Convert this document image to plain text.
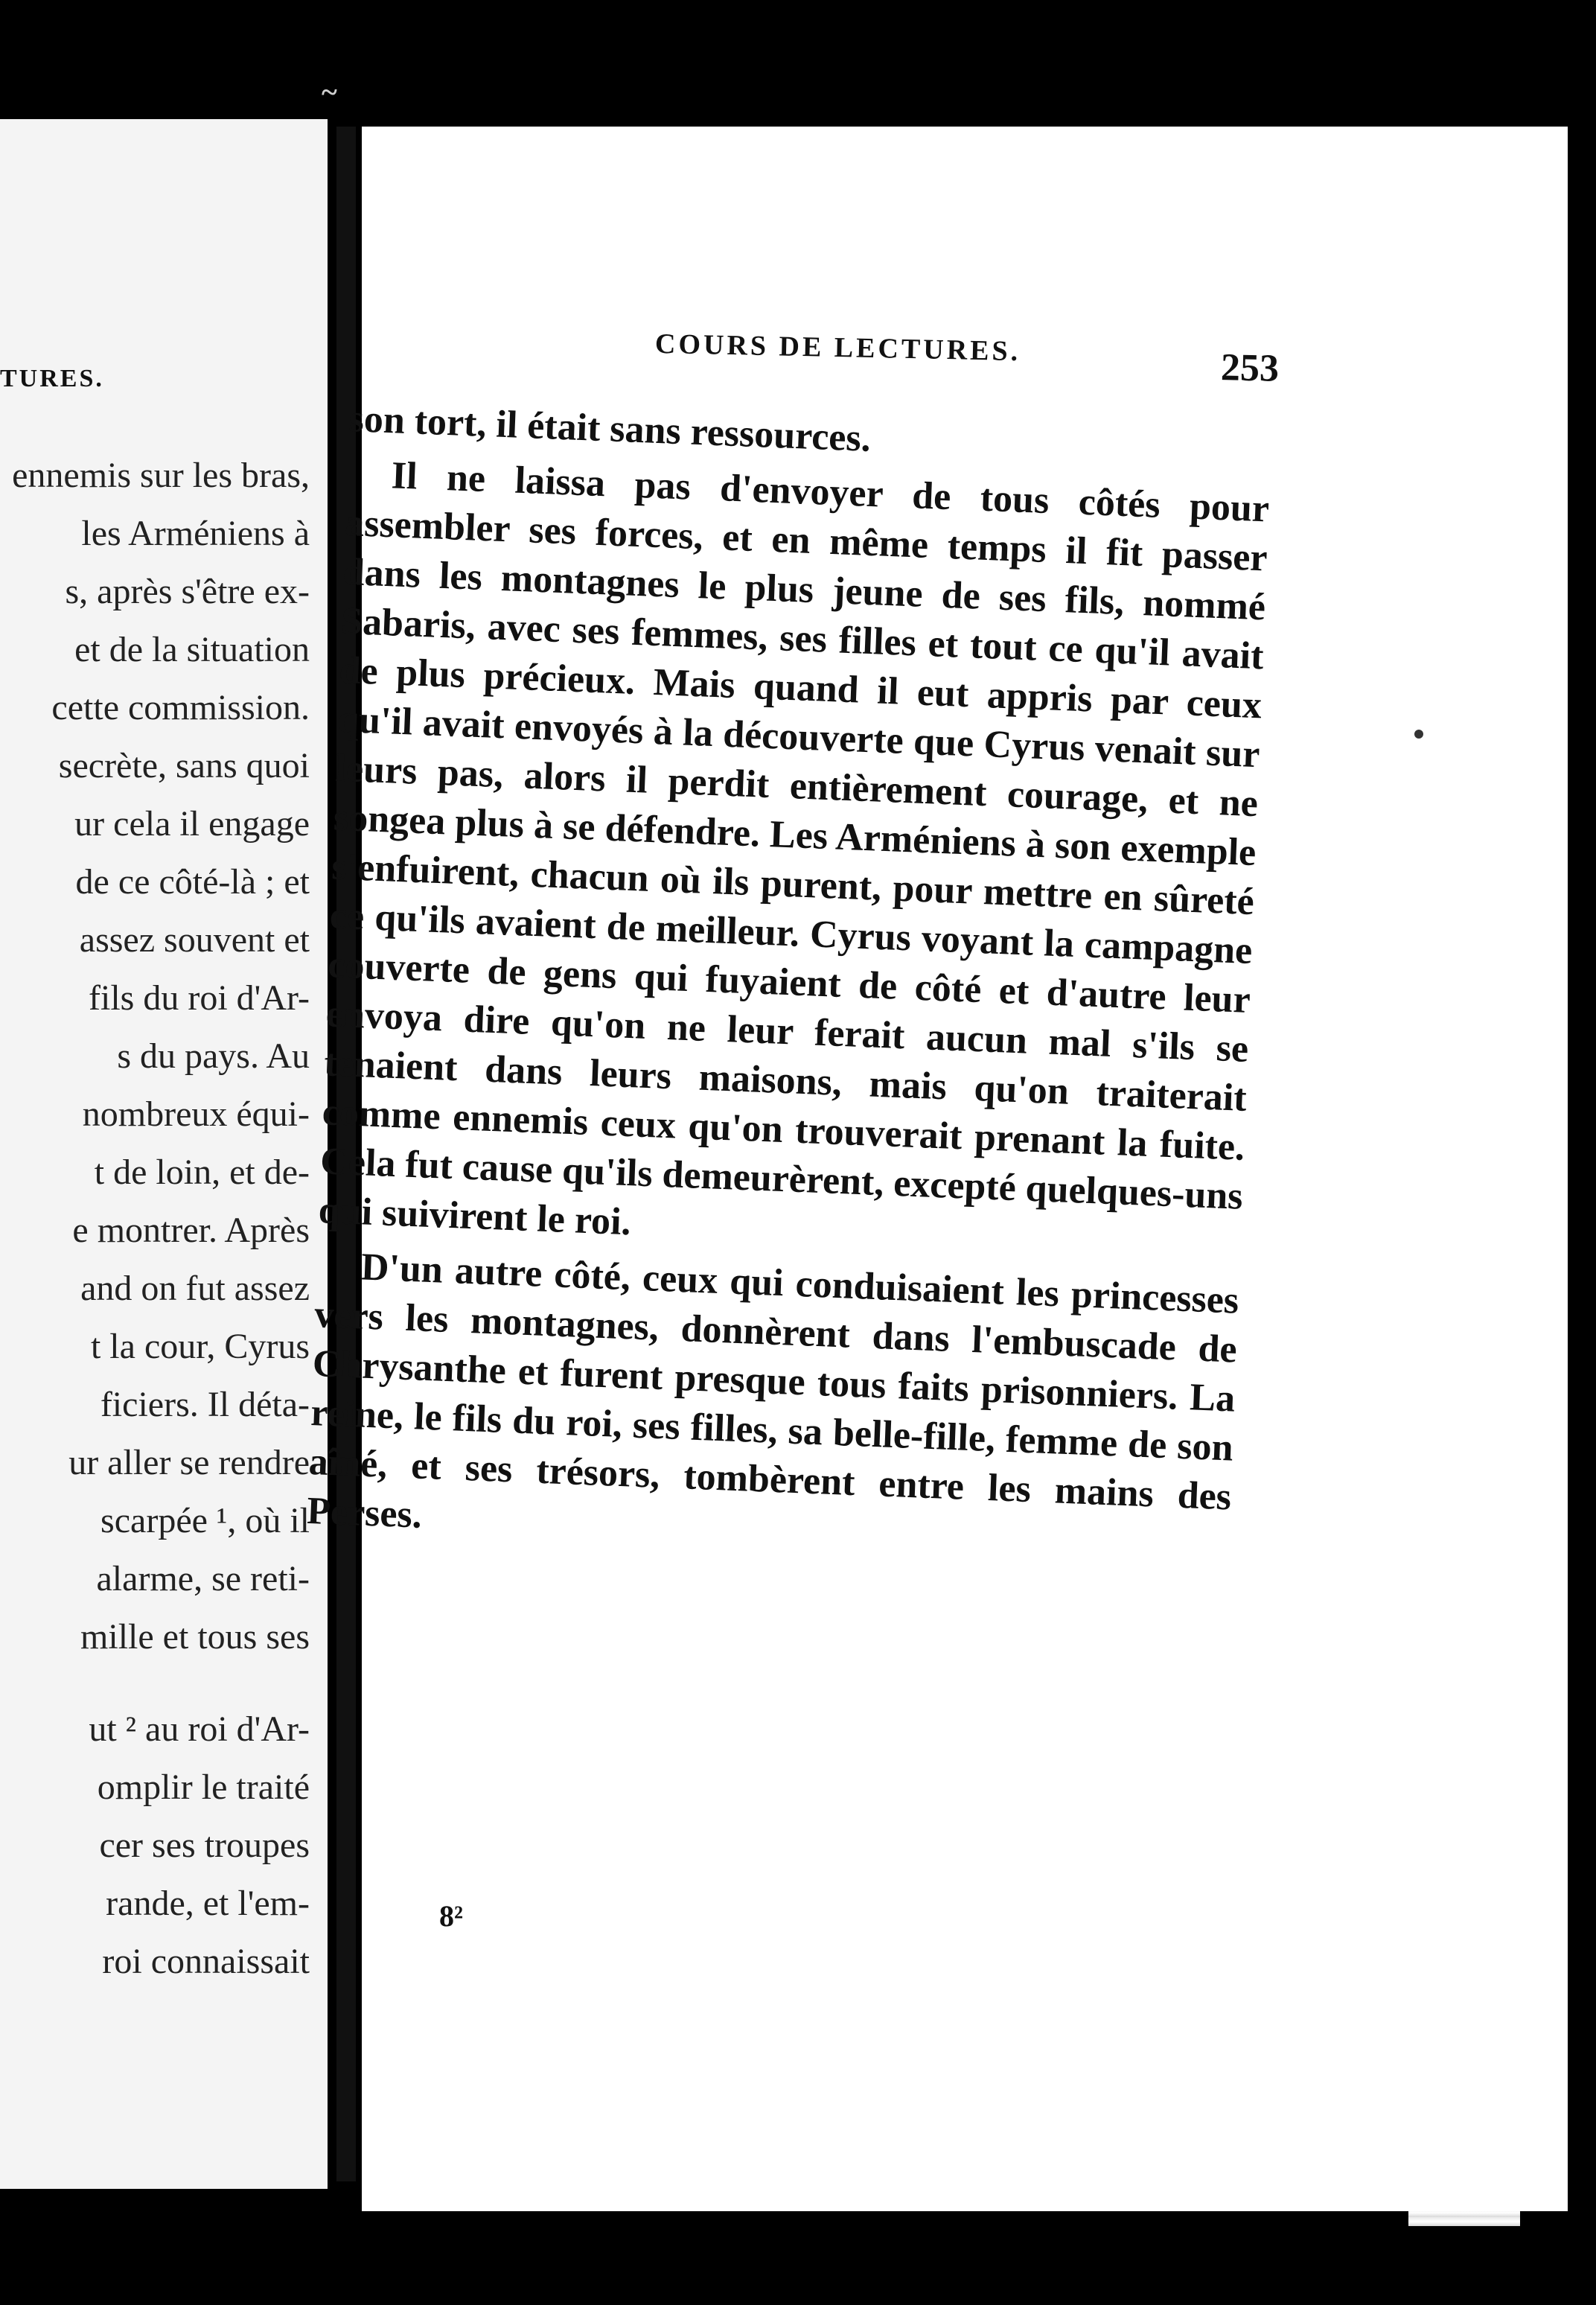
~
TURES.
ennemis sur les bras,
les Arméniens à
s, après s'être ex-
et de la situation
cette commission.
secrète, sans quoi
ur cela il engage
de ce côté-là ; et
assez souvent et
fils du roi d'Ar-
s du pays. Au
nombreux équi-
t de loin, et de-
e montrer. Après
and on fut assez
t la cour, Cyrus
ficiers. Il déta-
ur aller se rendre
scarpée ¹, où il
alarme, se reti-
mille et tous ses
ut ² au roi d'Ar-
omplir le traité
cer ses troupes
rande, et l'em-
roi connaissait
COURS DE LECTURES.	253
son tort, il était sans ressources.
Il ne laissa pas d'envoyer de tous côtés pour assembler ses forces, et en même temps il fit passer dans les montagnes le plus jeune de ses fils, nommé Sabaris, avec ses femmes, ses filles et tout ce qu'il avait de plus précieux. Mais quand il eut appris par ceux qu'il avait envoyés à la découverte que Cyrus venait sur leurs pas, alors il perdit entièrement courage, et ne songea plus à se défendre. Les Arméniens à son exemple s'enfuirent, chacun où ils purent, pour mettre en sûreté ce qu'ils avaient de meilleur. Cyrus voyant la campagne couverte de gens qui fuyaient de côté et d'autre leur envoya dire qu'on ne leur ferait aucun mal s'ils se tenaient dans leurs maisons, mais qu'on traiterait comme ennemis ceux qu'on trouverait prenant la fuite. Cela fut cause qu'ils demeurèrent, excepté quelques-uns qui suivirent le roi.
D'un autre côté, ceux qui conduisaient les princesses vers les montagnes, donnèrent dans l'embuscade de Chrysanthe et furent presque tous faits prisonniers. La reine, le fils du roi, ses filles, sa belle-fille, femme de son aîné, et ses trésors, tombèrent entre les mains des Perses.
8²
